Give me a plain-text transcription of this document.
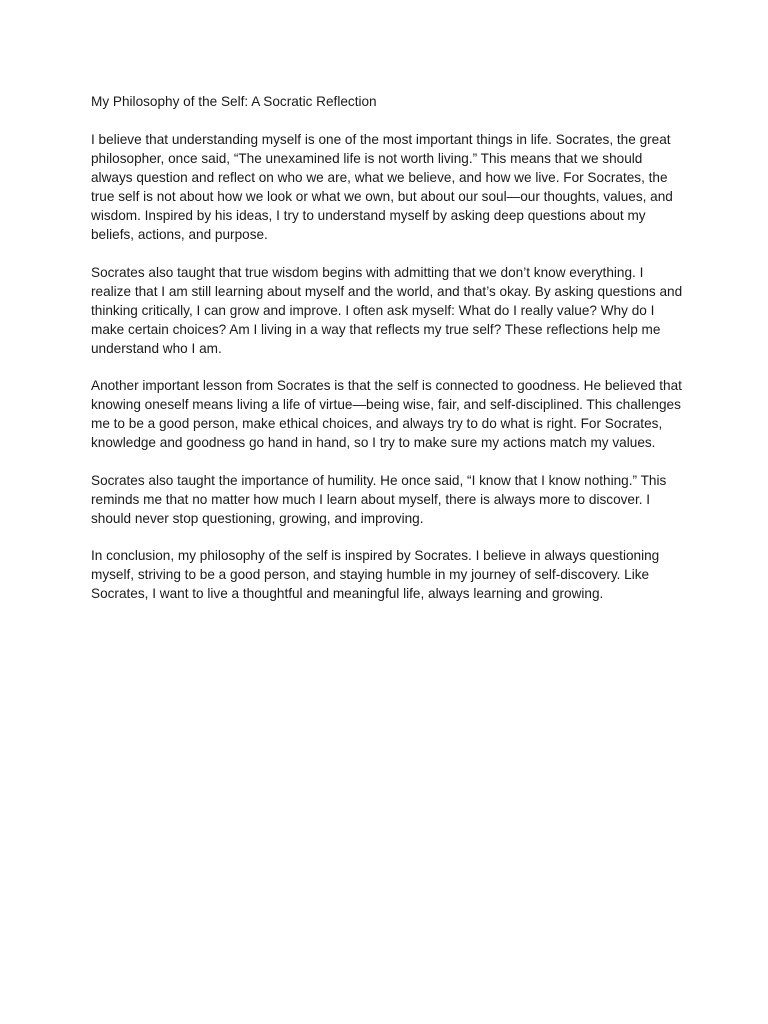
My Philosophy of the Self: A Socratic Reflection

I believe that understanding myself is one of the most important things in life. Socrates, the great philosopher, once said, “The unexamined life is not worth living.” This means that we should always question and reflect on who we are, what we believe, and how we live. For Socrates, the true self is not about how we look or what we own, but about our soul—our thoughts, values, and wisdom. Inspired by his ideas, I try to understand myself by asking deep questions about my beliefs, actions, and purpose.

Socrates also taught that true wisdom begins with admitting that we don’t know everything. I realize that I am still learning about myself and the world, and that’s okay. By asking questions and thinking critically, I can grow and improve. I often ask myself: What do I really value? Why do I make certain choices? Am I living in a way that reflects my true self? These reflections help me understand who I am.

Another important lesson from Socrates is that the self is connected to goodness. He believed that knowing oneself means living a life of virtue—being wise, fair, and self-disciplined. This challenges me to be a good person, make ethical choices, and always try to do what is right. For Socrates, knowledge and goodness go hand in hand, so I try to make sure my actions match my values.

Socrates also taught the importance of humility. He once said, “I know that I know nothing.” This reminds me that no matter how much I learn about myself, there is always more to discover. I should never stop questioning, growing, and improving.

In conclusion, my philosophy of the self is inspired by Socrates. I believe in always questioning myself, striving to be a good person, and staying humble in my journey of self-discovery. Like Socrates, I want to live a thoughtful and meaningful life, always learning and growing.
